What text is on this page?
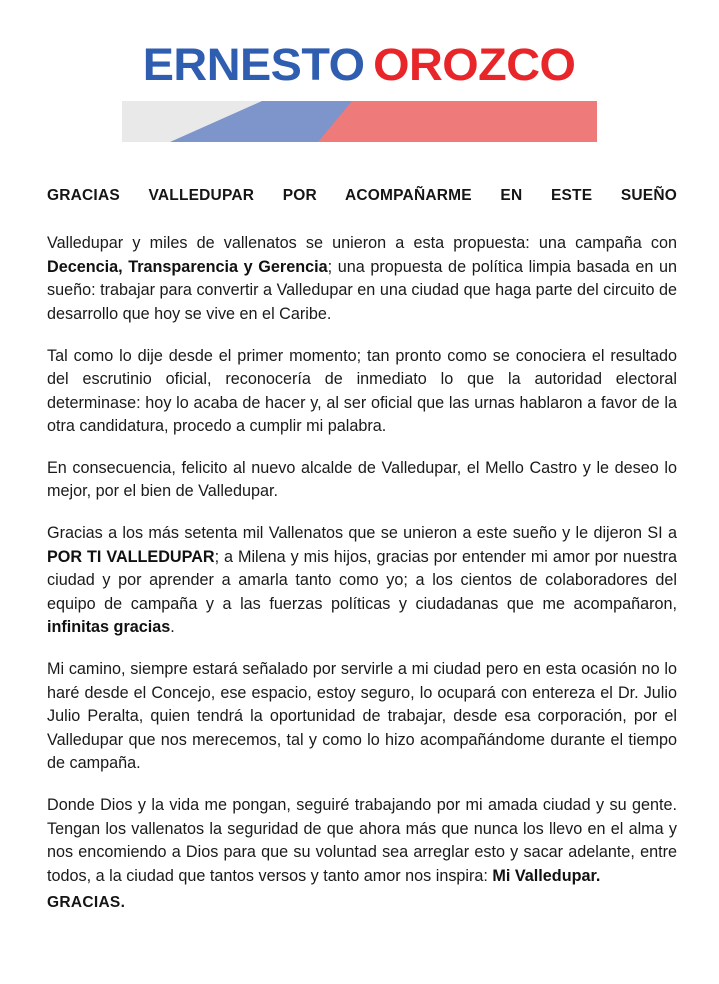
ERNESTO OROZCO
GRACIAS VALLEDUPAR POR ACOMPAÑARME EN ESTE SUEÑO

Valledupar y miles de vallenatos se unieron a esta propuesta: una campaña con Decencia, Transparencia y Gerencia; una propuesta de política limpia basada en un sueño: trabajar para convertir a Valledupar en una ciudad que haga parte del circuito de desarrollo que hoy se vive en el Caribe.

Tal como lo dije desde el primer momento; tan pronto como se conociera el resultado del escrutinio oficial, reconocería de inmediato lo que la autoridad electoral determinase: hoy lo acaba de hacer y, al ser oficial que las urnas hablaron a favor de la otra candidatura, procedo a cumplir mi palabra.

En consecuencia, felicito al nuevo alcalde de Valledupar, el Mello Castro y le deseo lo mejor, por el bien de Valledupar.

Gracias a los más setenta mil Vallenatos que se unieron a este sueño y le dijeron SI a POR TI VALLEDUPAR; a Milena y mis hijos, gracias por entender mi amor por nuestra ciudad y por aprender a amarla tanto como yo; a los cientos de colaboradores del equipo de campaña y a las fuerzas políticas y ciudadanas que me acompañaron, infinitas gracias.

Mi camino, siempre estará señalado por servirle a mi ciudad pero en esta ocasión no lo haré desde el Concejo, ese espacio, estoy seguro, lo ocupará con entereza el Dr. Julio Julio Peralta, quien tendrá la oportunidad de trabajar, desde esa corporación, por el Valledupar que nos merecemos, tal y como lo hizo acompañándome durante el tiempo de campaña.

Donde Dios y la vida me pongan, seguiré trabajando por mi amada ciudad y su gente. Tengan los vallenatos la seguridad de que ahora más que nunca los llevo en el alma y nos encomiendo a Dios para que su voluntad sea arreglar esto y sacar adelante, entre todos, a la ciudad que tantos versos y tanto amor nos inspira: Mi Valledupar.

GRACIAS.
